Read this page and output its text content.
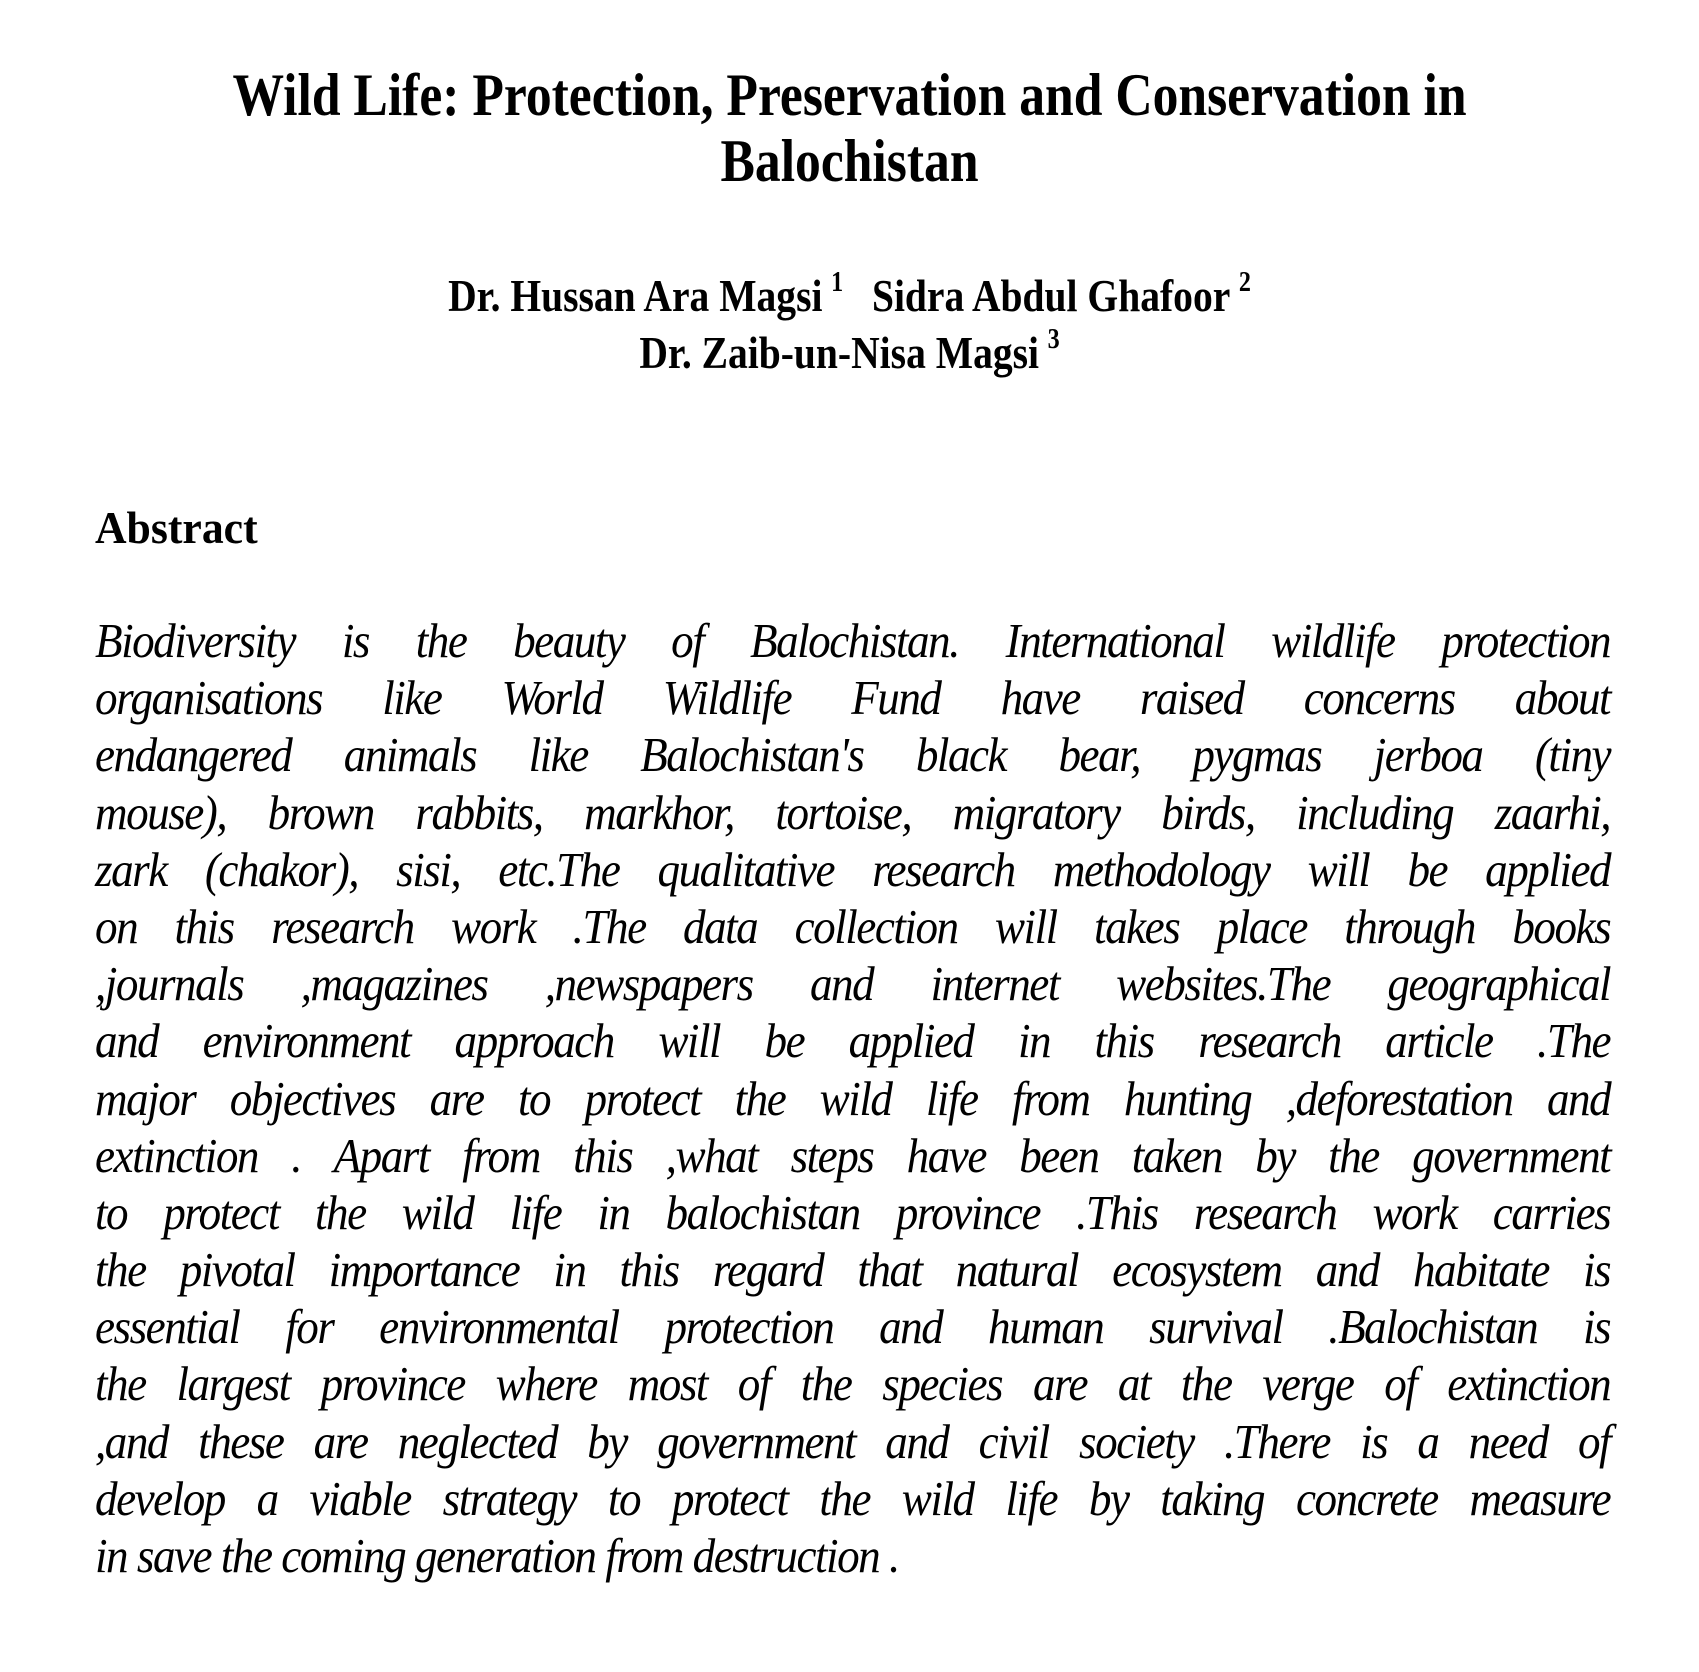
Wild Life: Protection, Preservation and Conservation in
Balochistan
Dr. Hussan Ara Magsi $^1$ Sidra Abdul Ghafoor $^2$
Dr. Zaib-un-Nisa Magsi $^3$
Abstract
Biodiversity is the beauty of Balochistan. International wildlife protection
organisations like World Wildlife Fund have raised concerns about
endangered animals like Balochistan's black bear, pygmas jerboa (tiny
mouse), brown rabbits, markhor, tortoise, migratory birds, including zaarhi,
zark (chakor), sisi, etc.The qualitative research methodology will be applied
on this research work .The data collection will takes place through books
,journals ,magazines ,newspapers and internet websites.The geographical
and environment approach will be applied in this research article .The
major objectives are to protect the wild life from hunting ,deforestation and
extinction . Apart from this ,what steps have been taken by the government
to protect the wild life in balochistan province .This research work carries
the pivotal importance in this regard that natural ecosystem and habitate is
essential for environmental protection and human survival .Balochistan is
the largest province where most of the species are at the verge of extinction
,and these are neglected by government and civil society .There is a need of
develop a viable strategy to protect the wild life by taking concrete measure
in save the coming generation from destruction .
